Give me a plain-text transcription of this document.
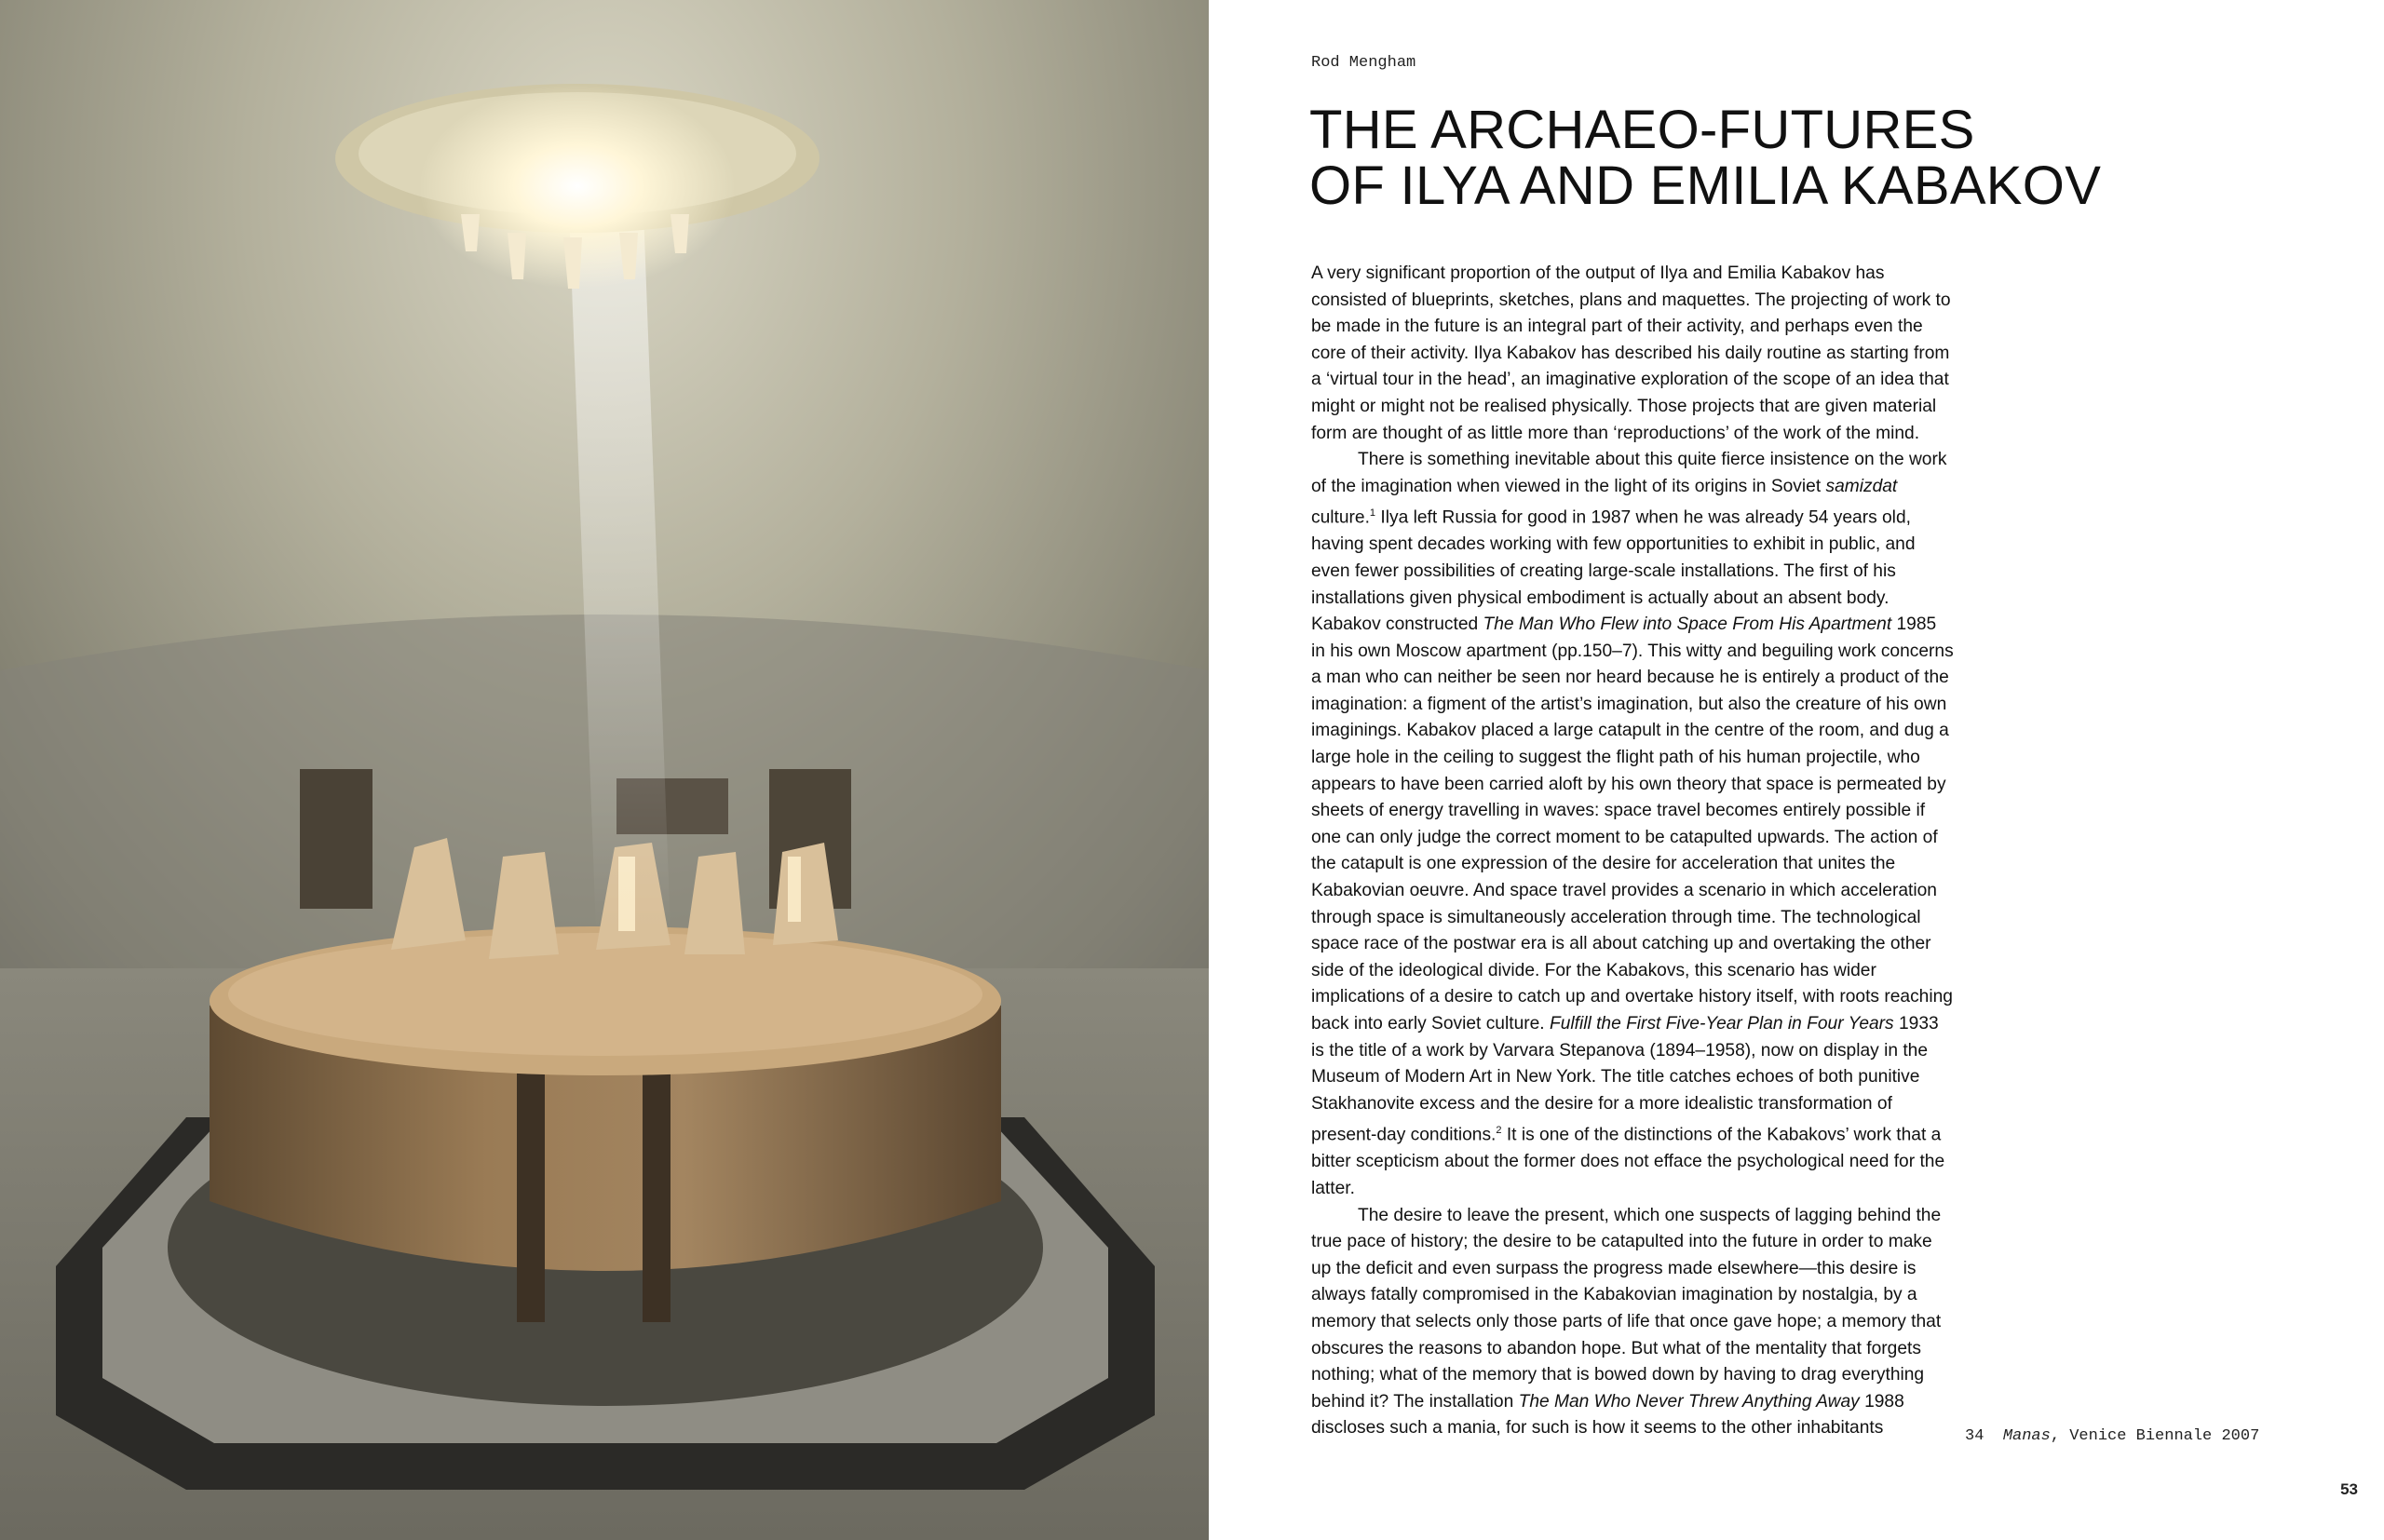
Rod Mengham
THE ARCHAEO-FUTURES
OF ILYA AND EMILIA KABAKOV

A very significant proportion of the output of Ilya and Emilia Kabakov has consisted of blueprints, sketches, plans and maquettes. The projecting of work to be made in the future is an integral part of their activity, and perhaps even the core of their activity. Ilya Kabakov has described his daily routine as starting from a ‘virtual tour in the head’, an imaginative exploration of the scope of an idea that might or might not be realised physically. Those projects that are given material form are thought of as little more than ‘reproductions’ of the work of the mind.

There is something inevitable about this quite fierce insistence on the work of the imagination when viewed in the light of its origins in Soviet samizdat culture.$^1$ Ilya left Russia for good in 1987 when he was already 54 years old, having spent decades working with few opportunities to exhibit in public, and even fewer possibilities of creating large-scale installations. The first of his installations given physical embodiment is actually about an absent body. Kabakov constructed The Man Who Flew into Space From His Apartment 1985 in his own Moscow apartment (pp.150–7). This witty and beguiling work concerns a man who can neither be seen nor heard because he is entirely a product of the imagination: a figment of the artist’s imagination, but also the creature of his own imaginings. Kabakov placed a large catapult in the centre of the room, and dug a large hole in the ceiling to suggest the flight path of his human projectile, who appears to have been carried aloft by his own theory that space is permeated by sheets of energy travelling in waves: space travel becomes entirely possible if one can only judge the correct moment to be catapulted upwards. The action of the catapult is one expression of the desire for acceleration that unites the Kabakovian oeuvre. And space travel provides a scenario in which acceleration through space is simultaneously acceleration through time. The technological space race of the postwar era is all about catching up and overtaking the other side of the ideological divide. For the Kabakovs, this scenario has wider implications of a desire to catch up and overtake history itself, with roots reaching back into early Soviet culture. Fulfill the First Five-Year Plan in Four Years 1933 is the title of a work by Varvara Stepanova (1894–1958), now on display in the Museum of Modern Art in New York. The title catches echoes of both punitive Stakhanovite excess and the desire for a more idealistic transformation of present-day conditions.$^2$ It is one of the distinctions of the Kabakovs’ work that a bitter scepticism about the former does not efface the psychological need for the latter.

The desire to leave the present, which one suspects of lagging behind the true pace of history; the desire to be catapulted into the future in order to make up the deficit and even surpass the progress made elsewhere—this desire is always fatally compromised in the Kabakovian imagination by nostalgia, by a memory that selects only those parts of life that once gave hope; a memory that obscures the reasons to abandon hope. But what of the mentality that forgets nothing; what of the memory that is bowed down by having to drag everything behind it? The installation The Man Who Never Threw Anything Away 1988 discloses such a mania, for such is how it seems to the other inhabitants	34 Manas, Venice Biennale 2007
53
